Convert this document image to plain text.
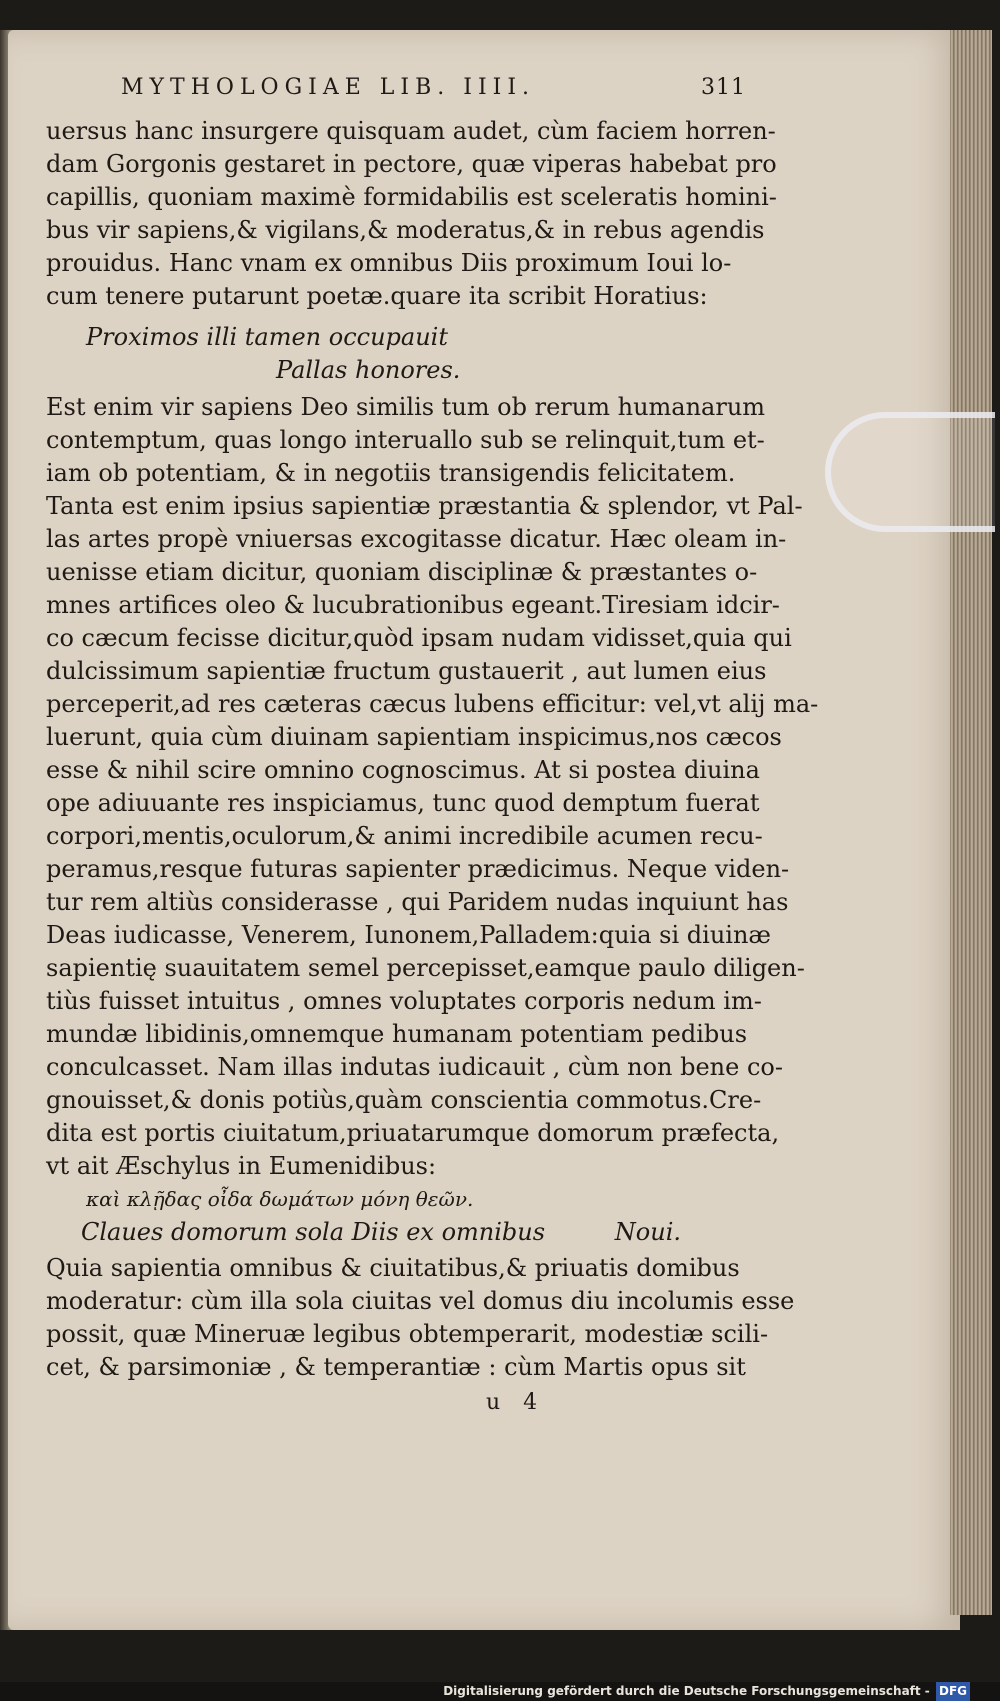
MYTHOLOGIAE LIB. IIII.	311
uersus hanc insurgere quisquam audet, cùm faciem horren-
dam Gorgonis gestaret in pectore, quæ viperas habebat pro
capillis, quoniam maximè formidabilis est sceleratis homini-
bus vir sapiens,& vigilans,& moderatus,& in rebus agendis
prouidus. Hanc vnam ex omnibus Diis proximum Ioui lo-
cum tenere putarunt poetæ.quare ita scribit Horatius:
Proximos illi tamen occupauit
Pallas honores.
Est enim vir sapiens Deo similis tum ob rerum humanarum
contemptum, quas longo interuallo sub se relinquit,tum et-
iam ob potentiam, & in negotiis transigendis felicitatem.
Tanta est enim ipsius sapientiæ præstantia & splendor, vt Pal-
las artes propè vniuersas excogitasse dicatur. Hæc oleam in-
uenisse etiam dicitur, quoniam disciplinæ & præstantes o-
mnes artifices oleo & lucubrationibus egeant.Tiresiam idcir-
co cæcum fecisse dicitur,quòd ipsam nudam vidisset,quia qui
dulcissimum sapientiæ fructum gustauerit , aut lumen eius
perceperit,ad res cæteras cæcus lubens efficitur: vel,vt alij ma-
luerunt, quia cùm diuinam sapientiam inspicimus,nos cæcos
esse & nihil scire omnino cognoscimus. At si postea diuina
ope adiuuante res inspiciamus, tunc quod demptum fuerat
corpori,mentis,oculorum,& animi incredibile acumen recu-
peramus,resque futuras sapienter prædicimus. Neque viden-
tur rem altiùs considerasse , qui Paridem nudas inquiunt has
Deas iudicasse, Venerem, Iunonem,Palladem:quia si diuinæ
sapientię suauitatem semel percepisset,eamque paulo diligen-
tiùs fuisset intuitus , omnes voluptates corporis nedum im-
mundæ libidinis,omnemque humanam potentiam pedibus
conculcasset. Nam illas indutas iudicauit , cùm non bene co-
gnouisset,& donis potiùs,quàm conscientia commotus.Cre-
dita est portis ciuitatum,priuatarumque domorum præfecta,
vt ait Æschylus in Eumenidibus:
καὶ κλῇδας οἶδα δωμάτων μόνη θεῶν.
Claues domorum sola Diis ex omnibus	Noui.
Quia sapientia omnibus & ciuitatibus,& priuatis domibus
moderatur: cùm illa sola ciuitas vel domus diu incolumis esse
possit, quæ Mineruæ legibus obtemperarit, modestiæ scili-
cet, & parsimoniæ , & temperantiæ : cùm Martis opus sit
u 4
Digitalisierung gefördert durch die Deutsche Forschungsgemeinschaft - DFG
